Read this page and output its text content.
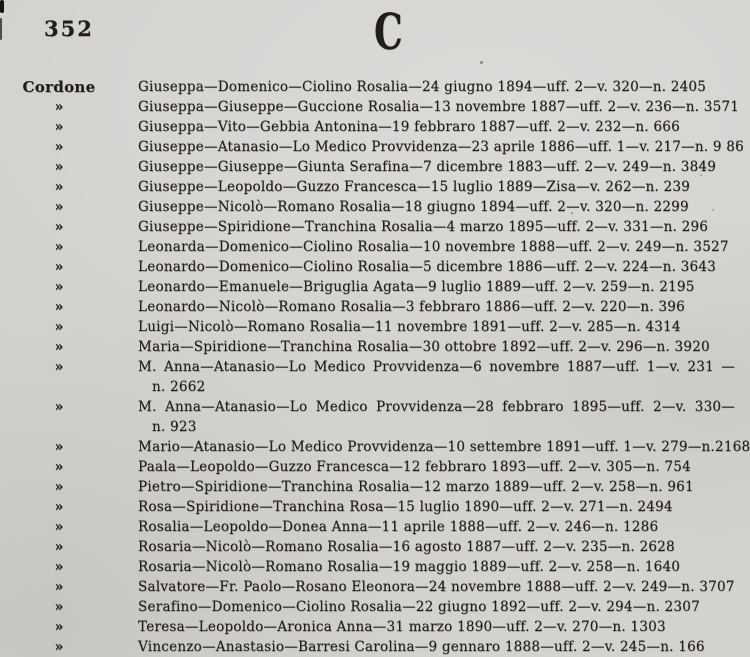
352	C
Cordone	Giuseppa—Domenico—Ciolino Rosalia—24 giugno 1894—uff. 2—v. 320—n. 2405
»	Giuseppa—Giuseppe—Guccione Rosalia—13 novembre 1887—uff. 2—v. 236—n. 3571
»	Giuseppa—Vito—Gebbia Antonina—19 febbraro 1887—uff. 2—v. 232—n. 666
»	Giuseppe—Atanasio—Lo Medico Provvidenza—23 aprile 1886—uff. 1—v. 217—n. 9 86
»	Giuseppe—Giuseppe—Giunta Serafina—7 dicembre 1883—uff. 2—v. 249—n. 3849
»	Giuseppe—Leopoldo—Guzzo Francesca—15 luglio 1889—Zisa—v. 262—n. 239
»	Giuseppe—Nicolò—Romano Rosalia—18 giugno 1894—uff. 2—v. 320—n. 2299
»	Giuseppe—Spiridione—Tranchina Rosalia—4 marzo 1895—uff. 2—v. 331—n. 296
»	Leonarda—Domenico—Ciolino Rosalia—10 novembre 1888—uff. 2—v. 249—n. 3527
»	Leonardo—Domenico—Ciolino Rosalia—5 dicembre 1886—uff. 2—v. 224—n. 3643
»	Leonardo—Emanuele—Briguglia Agata—9 luglio 1889—uff. 2—v. 259—n. 2195
»	Leonardo—Nicolò—Romano Rosalia—3 febbraro 1886—uff. 2—v. 220—n. 396
»	Luigi—Nicolò—Romano Rosalia—11 novembre 1891—uff. 2—v. 285—n. 4314
»	Maria—Spiridione—Tranchina Rosalia—30 ottobre 1892—uff. 2—v. 296—n. 3920
»	M. Anna—Atanasio—Lo Medico Provvidenza—6 novembre 1887—uff. 1—v. 231 —
n. 2662
»	M. Anna—Atanasio—Lo Medico Provvidenza—28 febbraro 1895—uff. 2—v. 330—
n. 923
»	Mario—Atanasio—Lo Medico Provvidenza—10 settembre 1891—uff. 1—v. 279—n.2168
»	Paala—Leopoldo—Guzzo Francesca—12 febbraro 1893—uff. 2—v. 305—n. 754
»	Pietro—Spiridione—Tranchina Rosalia—12 marzo 1889—uff. 2—v. 258—n. 961
»	Rosa—Spiridione—Tranchina Rosa—15 luglio 1890—uff. 2—v. 271—n. 2494
»	Rosalia—Leopoldo—Donea Anna—11 aprile 1888—uff. 2—v. 246—n. 1286
»	Rosaria—Nicolò—Romano Rosalia—16 agosto 1887—uff. 2—v. 235—n. 2628
»	Rosaria—Nicolò—Romano Rosalia—19 maggio 1889—uff. 2—v. 258—n. 1640
»	Salvatore—Fr. Paolo—Rosano Eleonora—24 novembre 1888—uff. 2—v. 249—n. 3707
»	Serafino—Domenico—Ciolino Rosalia—22 giugno 1892—uff. 2—v. 294—n. 2307
»	Teresa—Leopoldo—Aronica Anna—31 marzo 1890—uff. 2—v. 270—n. 1303
»	Vincenzo—Anastasio—Barresi Carolina—9 gennaro 1888—uff. 2—v. 245—n. 166
